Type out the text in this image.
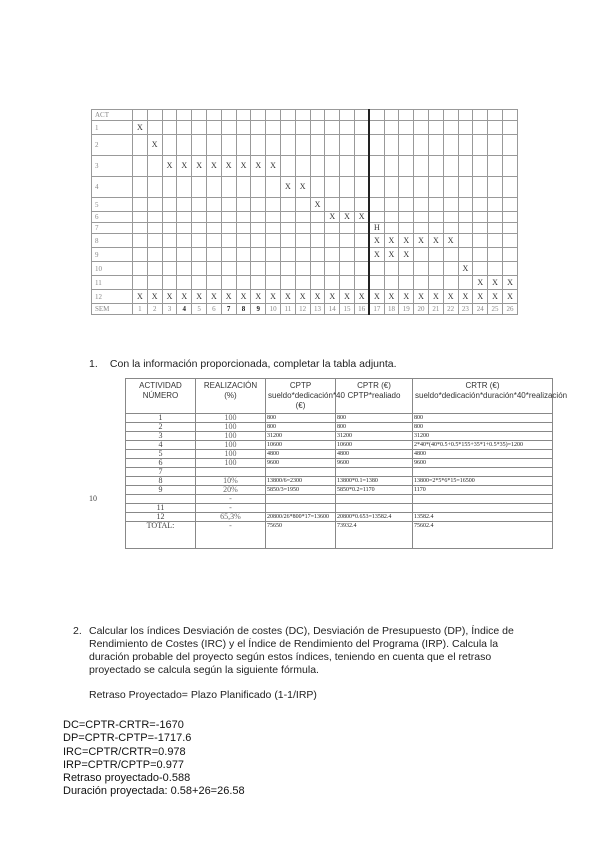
ACT																										
1	X																									
2		X																								
3			X	X	X	X	X	X	X	X																
4											X	X														
5													X													
6														X	X	X										
7																	H									
8																	X	X	X	X	X	X				
9																	X	X	X							
10																							X			
11																								X	X	X
12	X	X	X	X	X	X	X	X	X	X	X	X	X	X	X	X	X	X	X	X	X	X	X	X	X	X
SEM	1	2	3	4	5	6	7	8	9	10	11	12	13	14	15	16	17	18	19	20	21	22	23	24	25	26
1. Con la información proporcionada, completar la tabla adjunta.
ACTIVIDAD NÚMERO	REALIZACIÓN (%)	CPTP sueldo*dedicación*40 (€)	CPTR (€) CPTP*realiado	CRTR (€) sueldo*dedicación*duración*40*realización
1	100	800	800	800
2	100	800	800	800
3	100	31200	31200	31200
4	100	10600	10600	2*40*(40*0.5+0.5*155+35*1+0.5*35)=1200
5	100	4800	4800	4800
6	100	9600	9600	9600
7				
8	10%	13800/6=2300	13800*0.1=1380	13800=2*5*6*15=16500
9	20%	5850/3=1950	5850*0.2=1170	1170
10	-			
11	-			
12	65,3%	20800/26*800*17=13600	20800*0.653=13582.4	13582.4
TOTAL:	-	75650	73932.4	75602.4
2. Calcular los índices Desviación de costes (DC), Desviación de Presupuesto (DP), Índice de Rendimiento de Costes (IRC) y el Índice de Rendimiento del Programa (IRP). Calcula la duración probable del proyecto según estos índices, teniendo en cuenta que el retraso proyectado se calcula según la siguiente fórmula.

Retraso Proyectado= Plazo Planificado (1-1/IRP)

DC=CPTR-CRTR=-1670
DP=CPTR-CPTP=-1717.6
IRC=CPTR/CRTR=0.978
IRP=CPTR/CPTP=0.977
Retraso proyectado-0.588
Duración proyectada: 0.58+26=26.58
